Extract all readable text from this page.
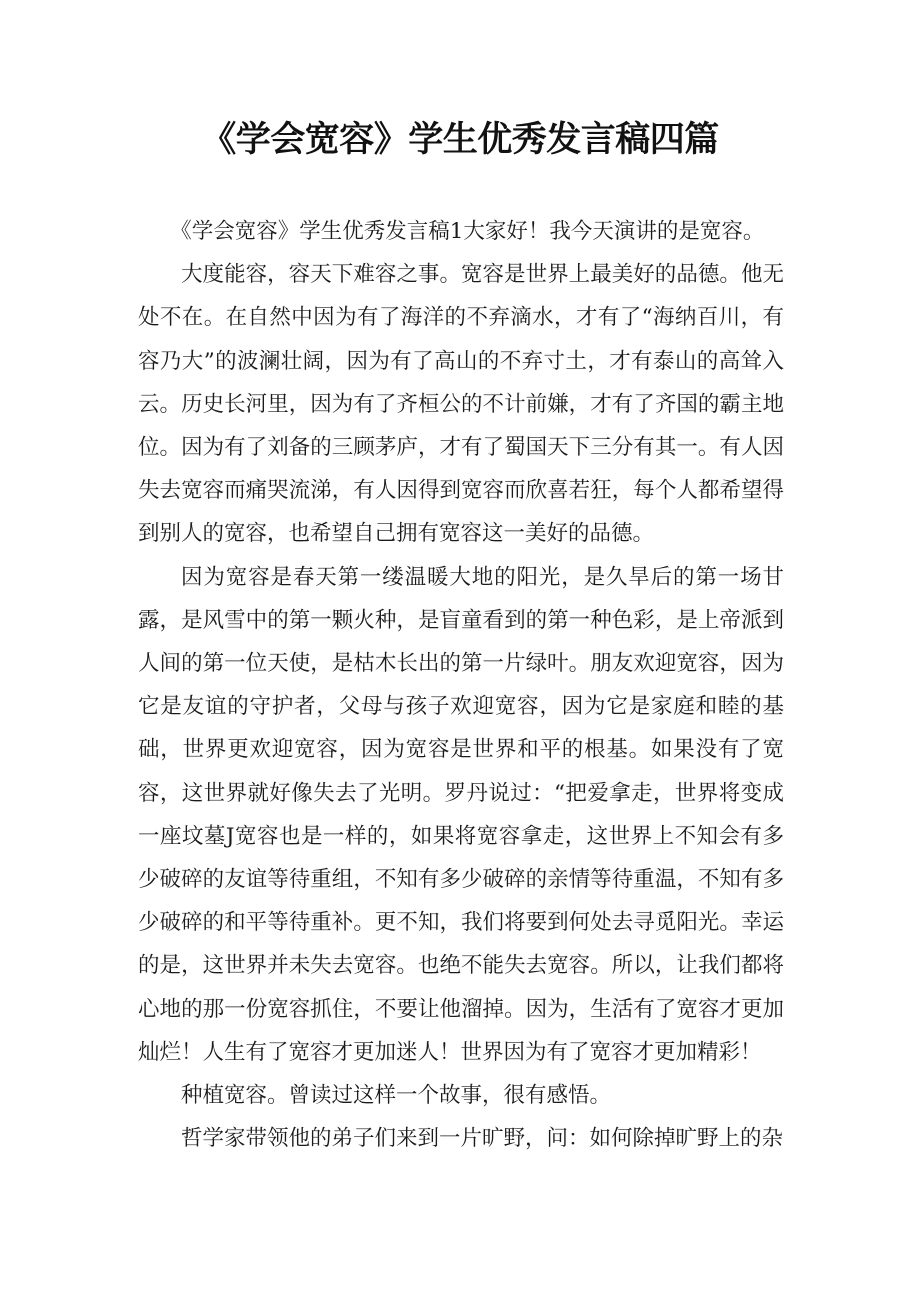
《学会宽容》学生优秀发言稿四篇

《学会宽容》学生优秀发言稿1大家好！我今天演讲的是宽容。

大度能容，容天下难容之事。宽容是世界上最美好的品德。他无处不在。在自然中因为有了海洋的不弃滴水，才有了“海纳百川，有容乃大”的波澜壮阔，因为有了高山的不弃寸土，才有泰山的高耸入云。历史长河里，因为有了齐桓公的不计前嫌，才有了齐国的霸主地位。因为有了刘备的三顾茅庐，才有了蜀国天下三分有其一。有人因失去宽容而痛哭流涕，有人因得到宽容而欣喜若狂，每个人都希望得到别人的宽容，也希望自己拥有宽容这一美好的品德。

因为宽容是春天第一缕温暖大地的阳光，是久旱后的第一场甘露，是风雪中的第一颗火种，是盲童看到的第一种色彩，是上帝派到人间的第一位天使，是枯木长出的第一片绿叶。朋友欢迎宽容，因为它是友谊的守护者，父母与孩子欢迎宽容，因为它是家庭和睦的基础，世界更欢迎宽容，因为宽容是世界和平的根基。如果没有了宽容，这世界就好像失去了光明。罗丹说过：“把爱拿走，世界将变成一座坟墓J宽容也是一样的，如果将宽容拿走，这世界上不知会有多少破碎的友谊等待重组，不知有多少破碎的亲情等待重温，不知有多少破碎的和平等待重补。更不知，我们将要到何处去寻觅阳光。幸运的是，这世界并未失去宽容。也绝不能失去宽容。所以，让我们都将心地的那一份宽容抓住，不要让他溜掉。因为，生活有了宽容才更加灿烂！人生有了宽容才更加迷人！世界因为有了宽容才更加精彩！

种植宽容。曾读过这样一个故事，很有感悟。

哲学家带领他的弟子们来到一片旷野，问：如何除掉旷野上的杂
